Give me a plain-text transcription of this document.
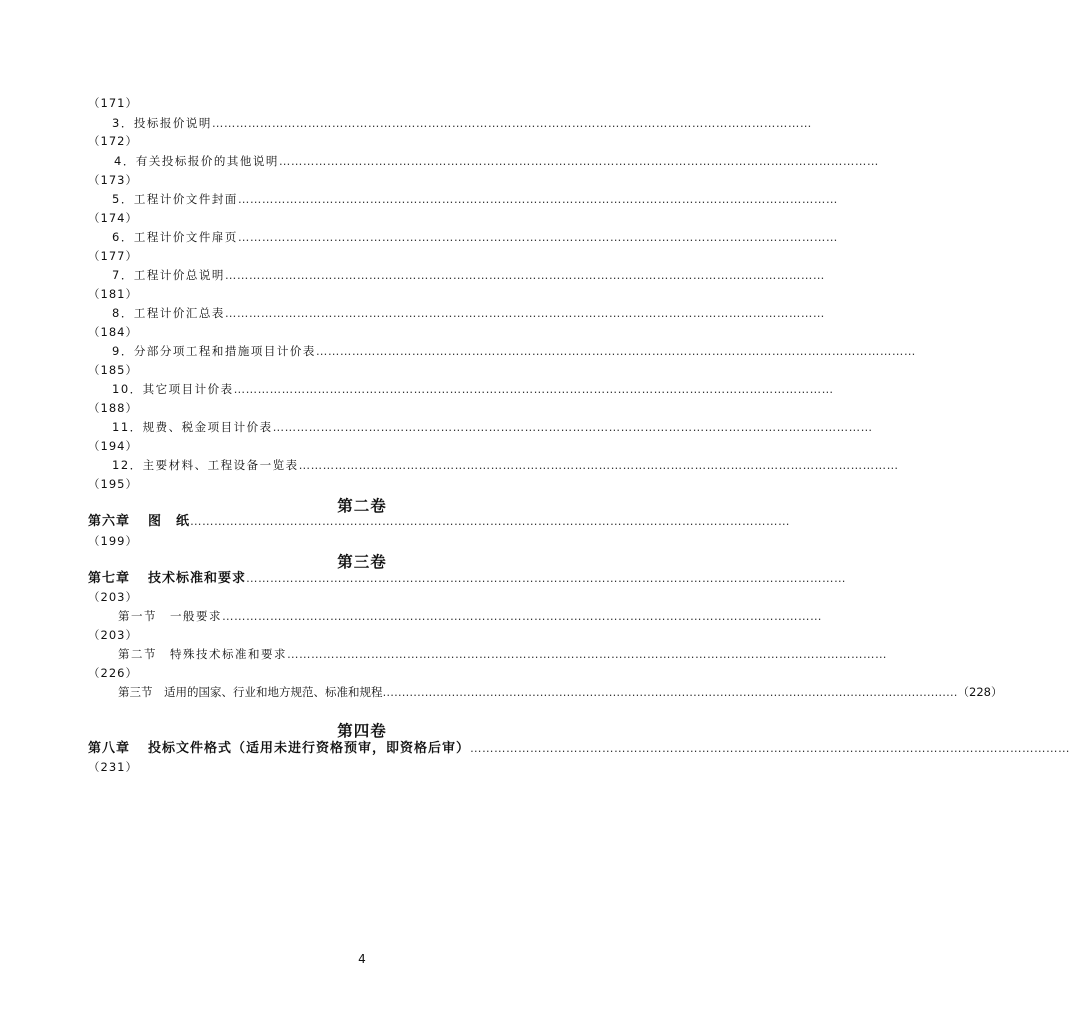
（171）
3．投标报价说明……………………………………………………………………………………………………………………………………
（172）
4．有关投标报价的其他说明……………………………………………………………………………………………………………………………………
（173）
5．工程计价文件封面……………………………………………………………………………………………………………………………………
（174）
6．工程计价文件扉页……………………………………………………………………………………………………………………………………
（177）
7．工程计价总说明……………………………………………………………………………………………………………………………………
（181）
8．工程计价汇总表……………………………………………………………………………………………………………………………………
（184）
9．分部分项工程和措施项目计价表……………………………………………………………………………………………………………………………………
（185）
10．其它项目计价表……………………………………………………………………………………………………………………………………
（188）
11．规费、税金项目计价表……………………………………………………………………………………………………………………………………
（194）
12．主要材料、工程设备一览表……………………………………………………………………………………………………………………………………
（195）
第二卷
第六章 图　纸……………………………………………………………………………………………………………………………………
（199）
第三卷
第七章 技术标准和要求……………………………………………………………………………………………………………………………………
（203）
第一节　一般要求……………………………………………………………………………………………………………………………………
（203）
第二节　特殊技术标准和要求……………………………………………………………………………………………………………………………………
（226）
第三节　适用的国家、行业和地方规范、标准和规程 …………………………………………………………………………………………………………………………………… （228）
第四卷
第八章 投标文件格式（适用未进行资格预审，即资格后审）……………………………………………………………………………………………………………………………………
（231）
4
